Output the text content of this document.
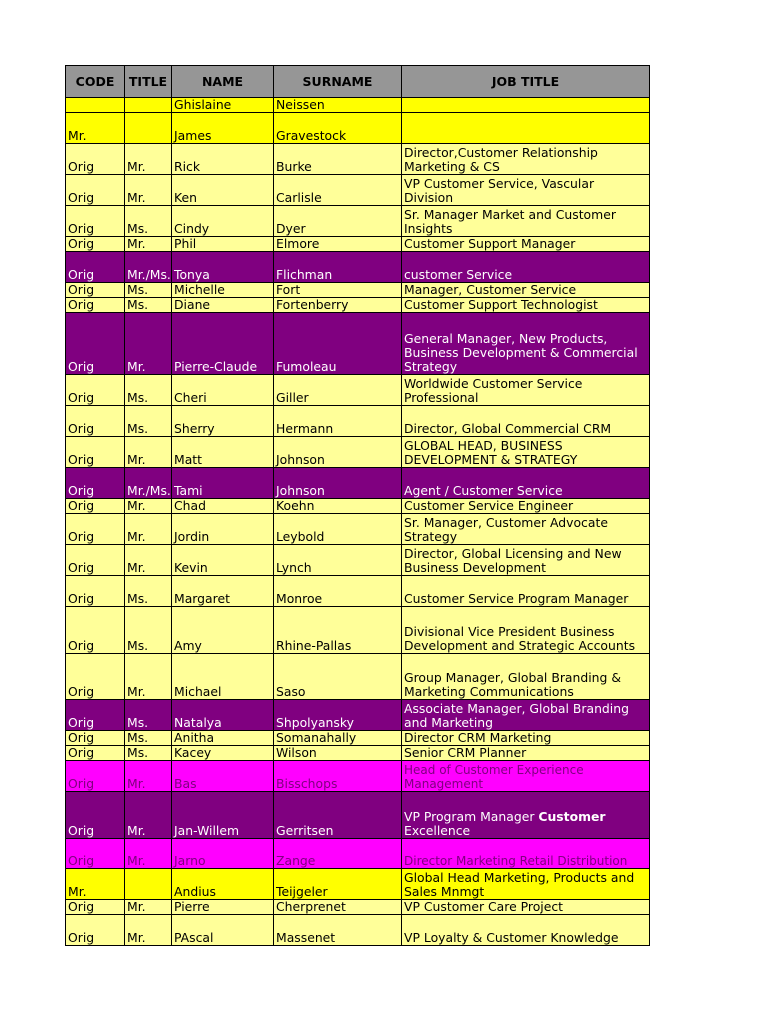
CODE	TITLE	NAME	SURNAME	JOB TITLE
		Ghislaine	Neissen	
Mr.		James	Gravestock	
Orig	Mr.	Rick	Burke	Director,Customer Relationship Marketing & CS
Orig	Mr.	Ken	Carlisle	VP Customer Service, Vascular Division
Orig	Ms.	Cindy	Dyer	Sr. Manager Market and Customer Insights
Orig	Mr.	Phil	Elmore	Customer Support Manager
Orig	Mr./Ms.	Tonya	Flichman	customer Service
Orig	Ms.	Michelle	Fort	Manager, Customer Service
Orig	Ms.	Diane	Fortenberry	Customer Support Technologist
Orig	Mr.	Pierre-Claude	Fumoleau	General Manager, New Products, Business Development & Commercial Strategy
Orig	Ms.	Cheri	Giller	Worldwide Customer Service Professional
Orig	Ms.	Sherry	Hermann	Director, Global Commercial CRM
Orig	Mr.	Matt	Johnson	GLOBAL HEAD, BUSINESS DEVELOPMENT & STRATEGY
Orig	Mr./Ms.	Tami	Johnson	Agent / Customer Service
Orig	Mr.	Chad	Koehn	Customer Service Engineer
Orig	Mr.	Jordin	Leybold	Sr. Manager, Customer Advocate Strategy
Orig	Mr.	Kevin	Lynch	Director, Global Licensing and New Business Development
Orig	Ms.	Margaret	Monroe	Customer Service Program Manager
Orig	Ms.	Amy	Rhine-Pallas	Divisional Vice President Business Development and Strategic Accounts
Orig	Mr.	Michael	Saso	Group Manager, Global Branding & Marketing Communications
Orig	Ms.	Natalya	Shpolyansky	Associate Manager, Global Branding and Marketing
Orig	Ms.	Anitha	Somanahally	Director CRM Marketing
Orig	Ms.	Kacey	Wilson	Senior CRM Planner
Orig	Mr.	Bas	Bisschops	Head of Customer Experience Management
Orig	Mr.	Jan-Willem	Gerritsen	VP Program Manager Customer Excellence
Orig	Mr.	Jarno	Zange	Director Marketing Retail Distribution
Mr.		Andius	Teijgeler	Global Head Marketing, Products and Sales Mnmgt
Orig	Mr.	Pierre	Cherprenet	VP Customer Care Project
Orig	Mr.	PAscal	Massenet	VP Loyalty & Customer Knowledge
